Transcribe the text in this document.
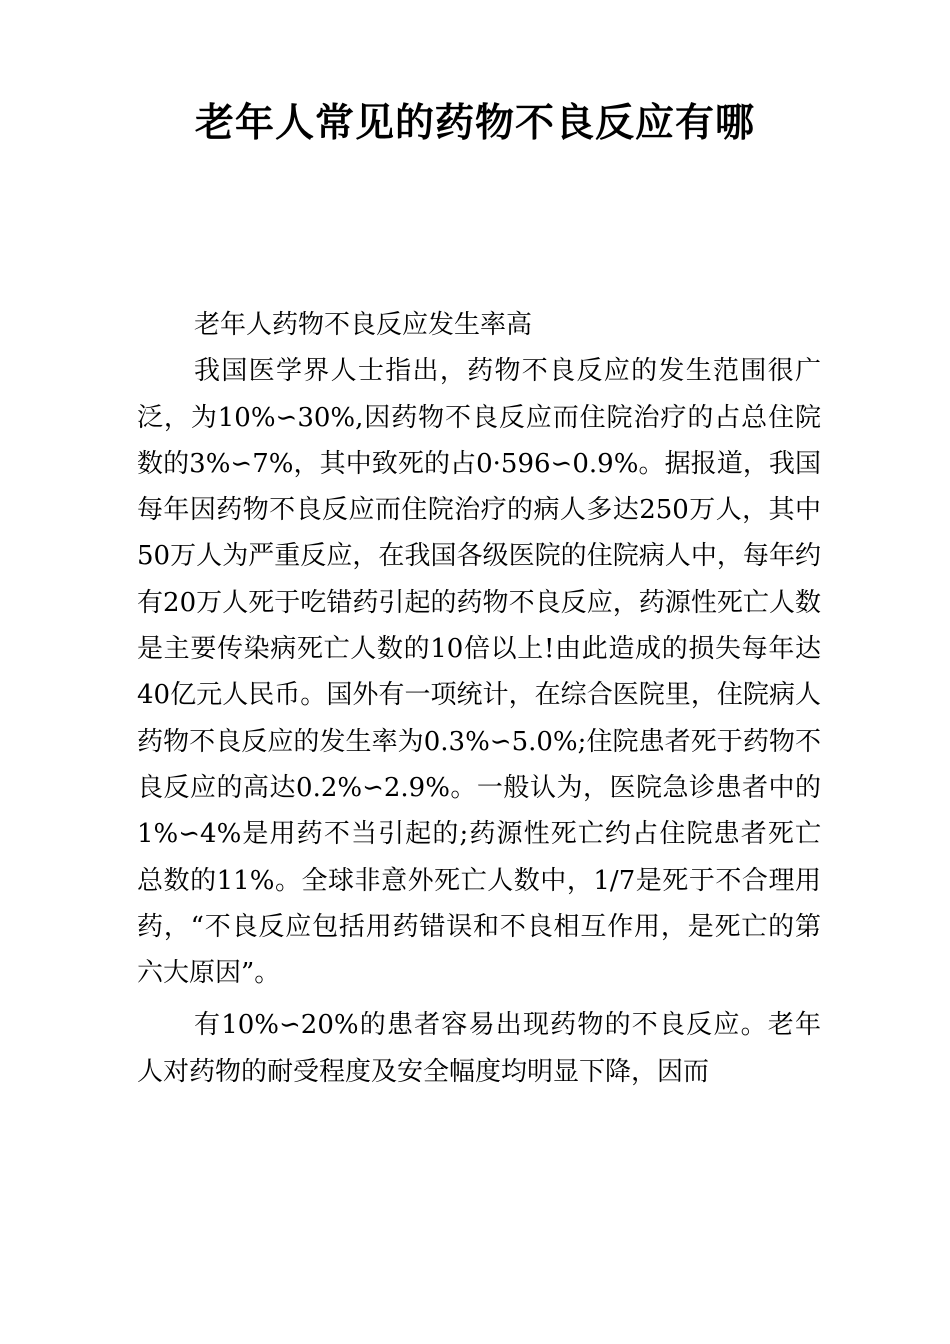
老年人常见的药物不良反应有哪

老年人药物不良反应发生率高

我国医学界人士指出，药物不良反应的发生范围很广泛，为10%∽30%,因药物不良反应而住院治疗的占总住院数的3%∽7%，其中致死的占0·596∽0.9%。据报道，我国每年因药物不良反应而住院治疗的病人多达250万人，其中50万人为严重反应，在我国各级医院的住院病人中，每年约有20万人死于吃错药引起的药物不良反应，药源性死亡人数是主要传染病死亡人数的10倍以上!由此造成的损失每年达40亿元人民币。国外有一项统计，在综合医院里，住院病人药物不良反应的发生率为0.3%∽5.0%;住院患者死于药物不良反应的高达0.2%∽2.9%。一般认为，医院急诊患者中的1%∽4%是用药不当引起的;药源性死亡约占住院患者死亡总数的11%。全球非意外死亡人数中，1/7是死于不合理用药，“不良反应包括用药错误和不良相互作用，是死亡的第六大原因”。

有10%∽20%的患者容易出现药物的不良反应。老年人对药物的耐受程度及安全幅度均明显下降，因而
